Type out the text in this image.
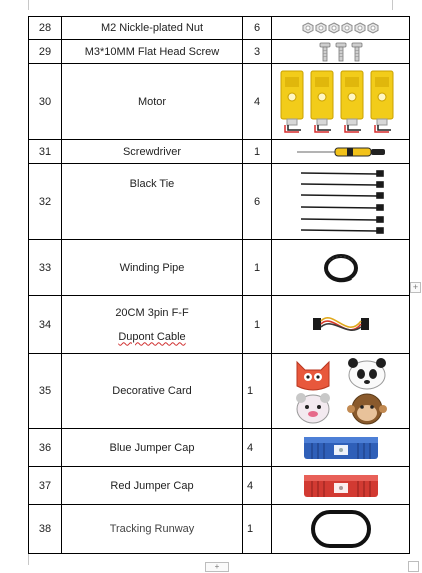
28	M2 Nickle-plated Nut	6	

29	M3*10MM Flat Head Screw	3	

30	Motor	4	

31	Screwdriver	1	

32	Black Tie	6	

33	Winding Pipe	1	

34	20CM 3pin F-F
Dupont Cable	1	

35	Decorative Card	1	

36	Blue Jumper Cap	4	

37	Red Jumper Cap	4	

38	Tracking Runway	1	
+
+
